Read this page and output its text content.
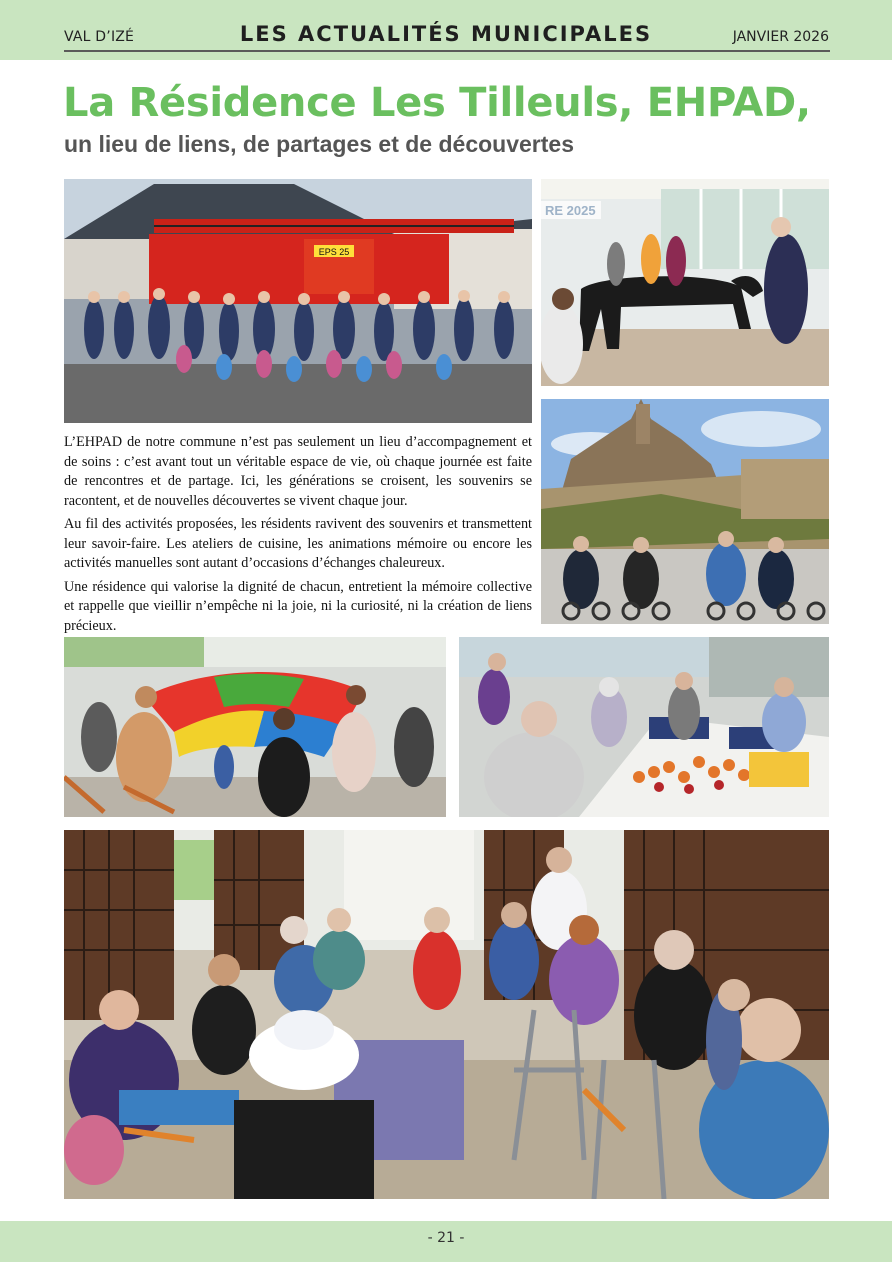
VAL D’IZÉ	LES ACTUALITÉS MUNICIPALES	JANVIER 2026
La Résidence Les Tilleuls, EHPAD,
un lieu de liens, de partages et de découvertes
EPS 25
RE 2025

L’EHPAD de notre commune n’est pas seulement un lieu d’accompagnement et de soins : c’est avant tout un véritable espace de vie, où chaque journée est faite de rencontres et de partage. Ici, les générations se croisent, les souvenirs se racontent, et de nouvelles découvertes se vivent chaque jour.

Au fil des activités proposées, les résidents ravivent des souvenirs et transmettent leur savoir-faire. Les ateliers de cuisine, les animations mémoire ou encore les activités manuelles sont autant d’occasions d’échanges chaleureux.

Une résidence qui valorise la dignité de chacun, entretient la mémoire collective et rappelle que vieillir n’empêche ni la joie, ni la curiosité, ni la création de liens précieux.

- 21 -
